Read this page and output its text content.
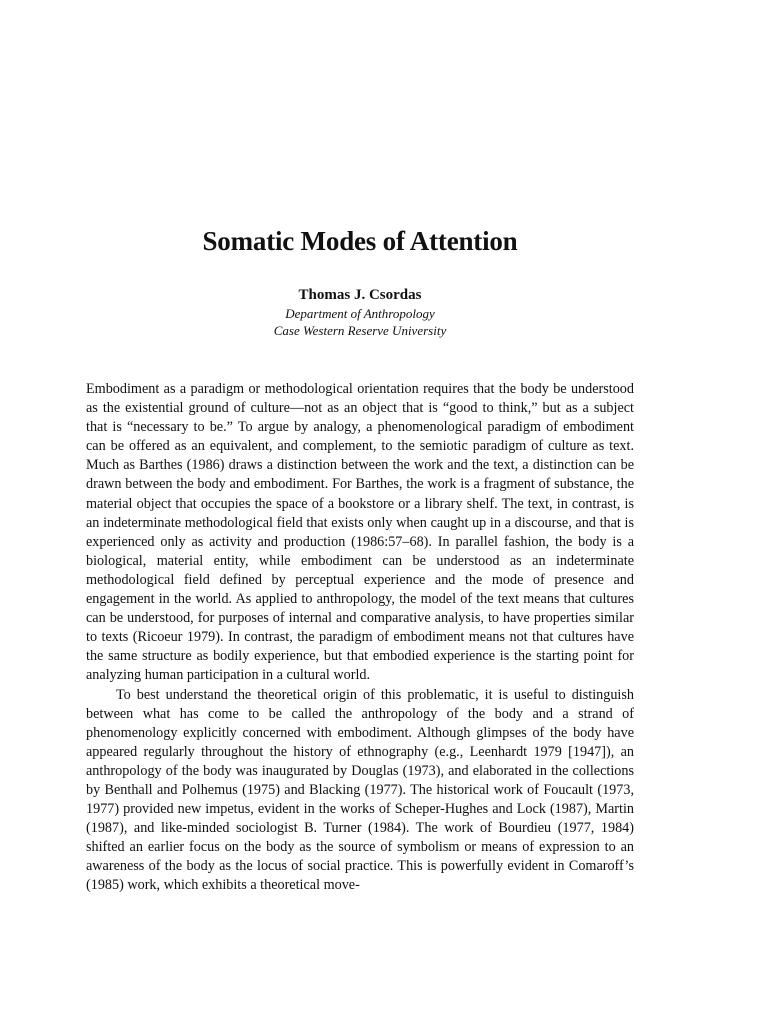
Somatic Modes of Attention
Thomas J. Csordas
Department of Anthropology
Case Western Reserve University

Embodiment as a paradigm or methodological orientation requires that the body be understood as the existential ground of culture—not as an object that is “good to think,” but as a subject that is “necessary to be.” To argue by analogy, a phenomenological paradigm of embodiment can be offered as an equivalent, and complement, to the semiotic paradigm of culture as text. Much as Barthes (1986) draws a distinction between the work and the text, a distinction can be drawn between the body and embodiment. For Barthes, the work is a fragment of substance, the material object that occupies the space of a bookstore or a library shelf. The text, in contrast, is an indeterminate methodological field that exists only when caught up in a discourse, and that is experienced only as activity and production (1986:57–68). In parallel fashion, the body is a biological, material entity, while embodiment can be understood as an indeterminate methodological field defined by perceptual experience and the mode of presence and engagement in the world. As applied to anthropology, the model of the text means that cultures can be understood, for purposes of internal and comparative analysis, to have properties similar to texts (Ricoeur 1979). In contrast, the paradigm of embodiment means not that cultures have the same structure as bodily experience, but that embodied experience is the starting point for analyzing human participation in a cultural world.

To best understand the theoretical origin of this problematic, it is useful to distinguish between what has come to be called the anthropology of the body and a strand of phenomenology explicitly concerned with embodiment. Although glimpses of the body have appeared regularly throughout the history of ethnography (e.g., Leenhardt 1979 [1947]), an anthropology of the body was inaugurated by Douglas (1973), and elaborated in the collections by Benthall and Polhemus (1975) and Blacking (1977). The historical work of Foucault (1973, 1977) provided new impetus, evident in the works of Scheper-Hughes and Lock (1987), Martin (1987), and like-minded sociologist B. Turner (1984). The work of Bourdieu (1977, 1984) shifted an earlier focus on the body as the source of symbolism or means of expression to an awareness of the body as the locus of social practice. This is powerfully evident in Comaroff’s (1985) work, which exhibits a theoretical move-
